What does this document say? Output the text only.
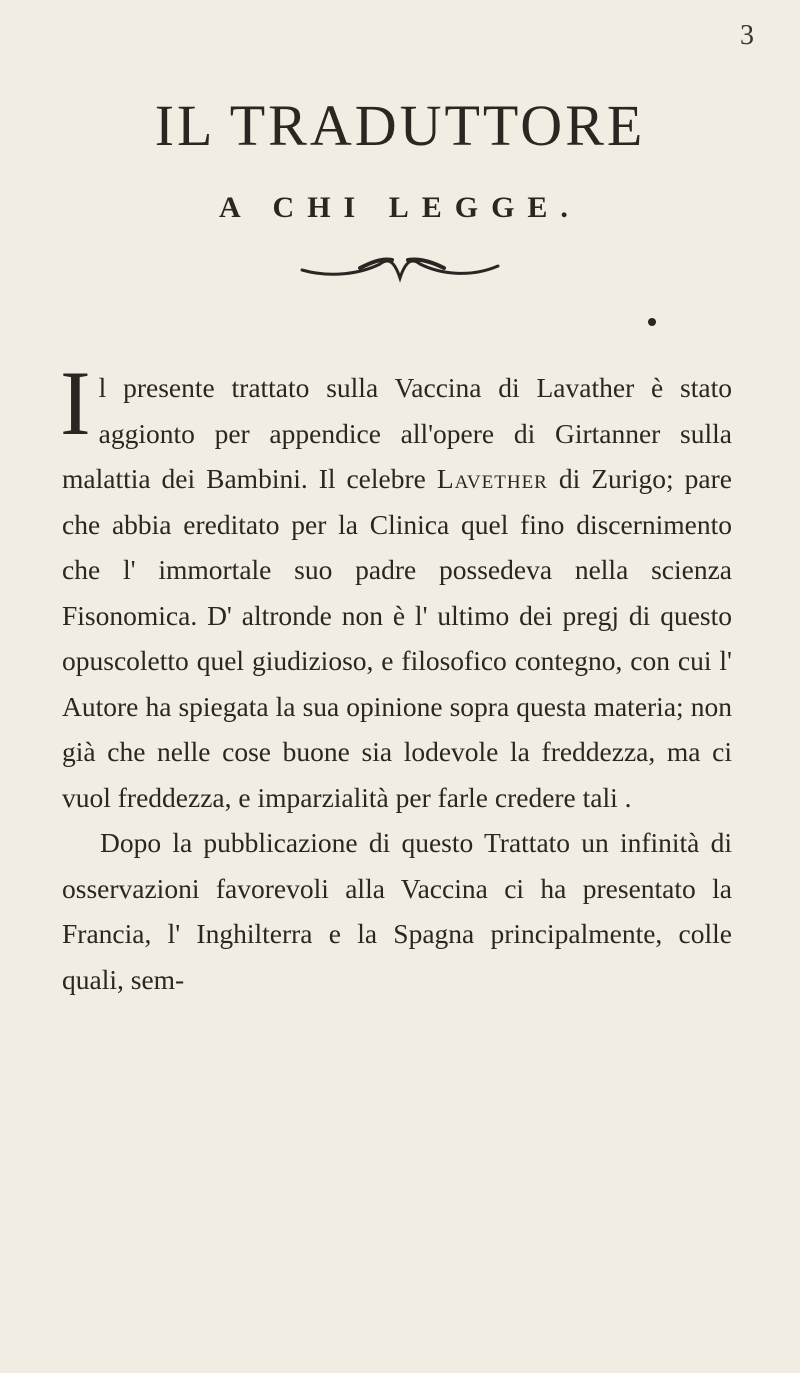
3
IL TRADUTTORE
A CHI LEGGE.

Il presente trattato sulla Vaccina di Lavather è stato aggionto per appendice all'opere di Girtanner sulla malattia dei Bambini. Il celebre Lavether di Zurigo; pare che abbia ereditato per la Clinica quel fino discernimento che l' immortale suo padre possedeva nella scienza Fisonomica. D' altronde non è l' ultimo dei pregj di questo opuscoletto quel giudizioso, e filosofico contegno, con cui l' Autore ha spiegata la sua opinione sopra questa materia; non già che nelle cose buone sia lodevole la freddezza, ma ci vuol freddezza, e imparzialità per farle credere tali .

Dopo la pubblicazione di questo Trattato un infinità di osservazioni favorevoli alla Vaccina ci ha presentato la Francia, l' Inghilterra e la Spagna principalmente, colle quali, sem-
